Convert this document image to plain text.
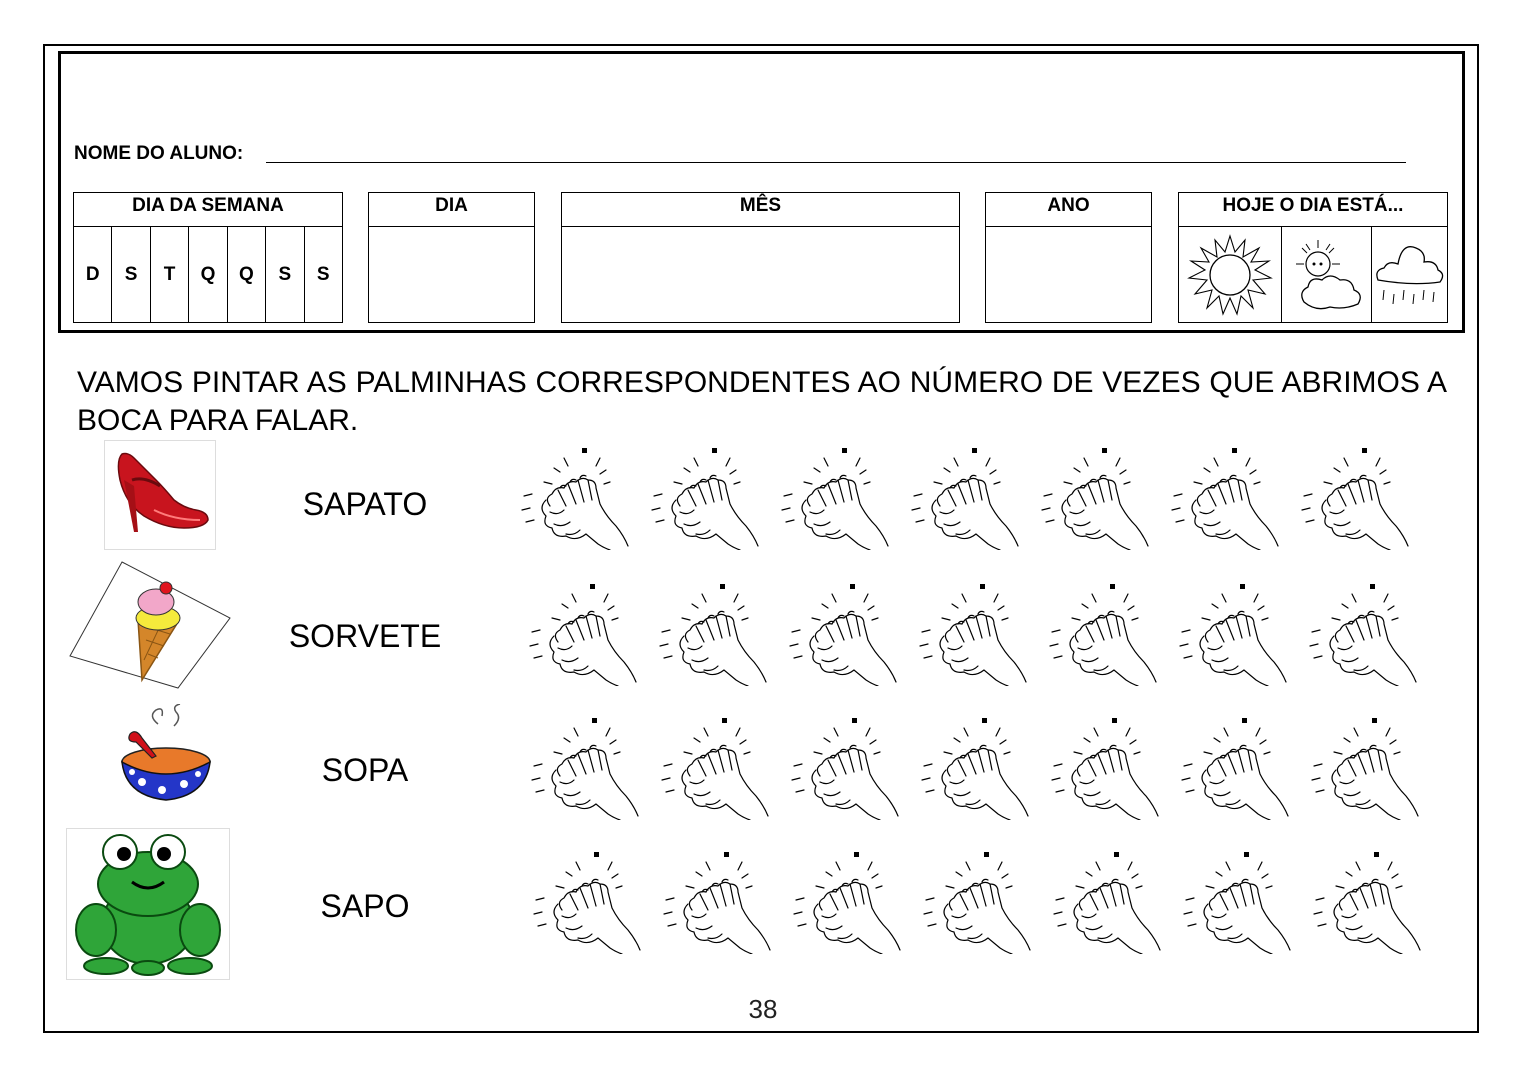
NOME DO ALUNO:
DIA DA SEMANA
D	S	T	Q	Q	S	S
DIA	MÊS	ANO	HOJE O DIA ESTÁ...
VAMOS PINTAR AS PALMINHAS CORRESPONDENTES AO NÚMERO DE VEZES QUE ABRIMOS A BOCA PARA FALAR.
SAPATO
SORVETE
SOPA
SAPO
38
